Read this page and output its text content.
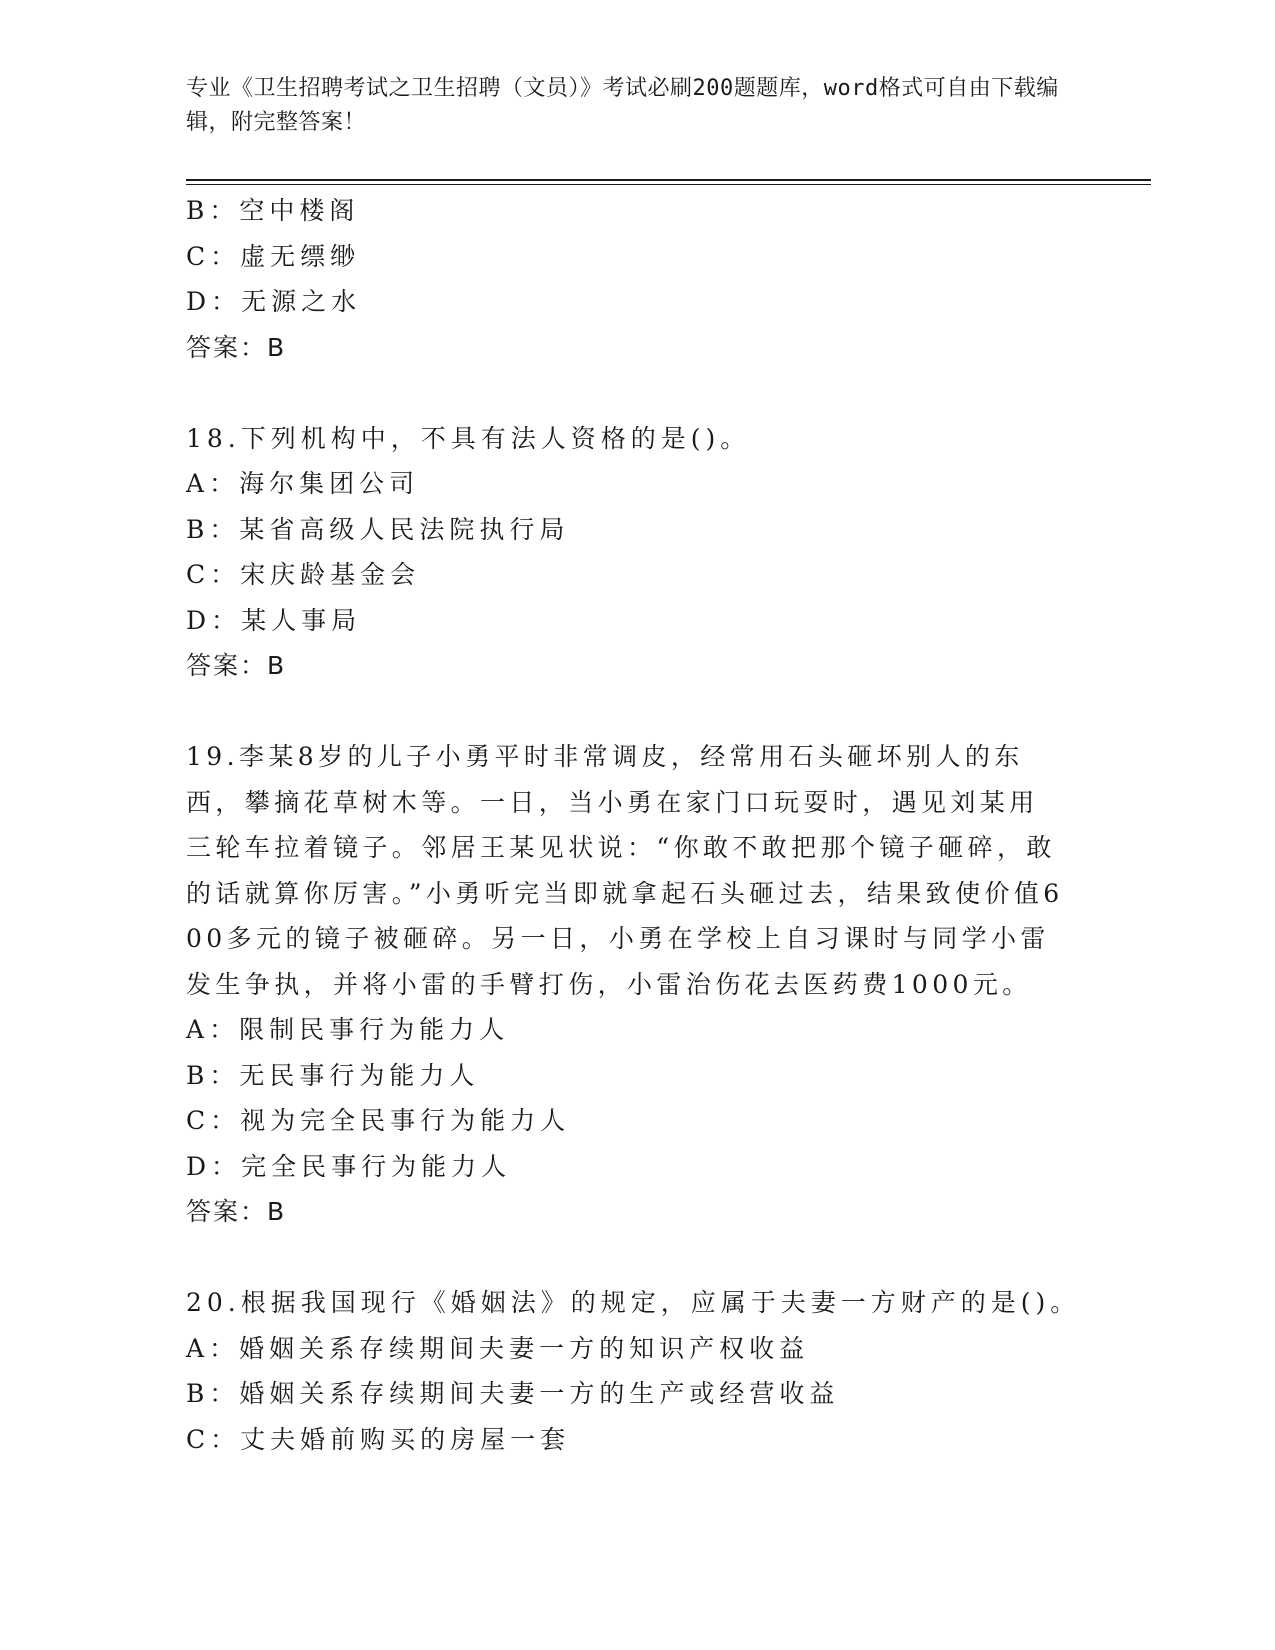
专业《卫生招聘考试之卫生招聘（文员）》考试必刷200题题库，word格式可自由下载编辑，附完整答案！
B：空中楼阁
C：虚无缥缈
D：无源之水
答案：B
18.下列机构中，不具有法人资格的是()。
A：海尔集团公司
B：某省高级人民法院执行局
C：宋庆龄基金会
D：某人事局
答案：B
19.李某8岁的儿子小勇平时非常调皮，经常用石头砸坏别人的东西，攀摘花草树木等。一日，当小勇在家门口玩耍时，遇见刘某用三轮车拉着镜子。邻居王某见状说：“你敢不敢把那个镜子砸碎，敢的话就算你厉害。”小勇听完当即就拿起石头砸过去，结果致使价值600多元的镜子被砸碎。另一日，小勇在学校上自习课时与同学小雷发生争执，并将小雷的手臂打伤，小雷治伤花去医药费1000元。
A：限制民事行为能力人
B：无民事行为能力人
C：视为完全民事行为能力人
D：完全民事行为能力人
答案：B
20.根据我国现行《婚姻法》的规定，应属于夫妻一方财产的是()。
A：婚姻关系存续期间夫妻一方的知识产权收益
B：婚姻关系存续期间夫妻一方的生产或经营收益
C：丈夫婚前购买的房屋一套
